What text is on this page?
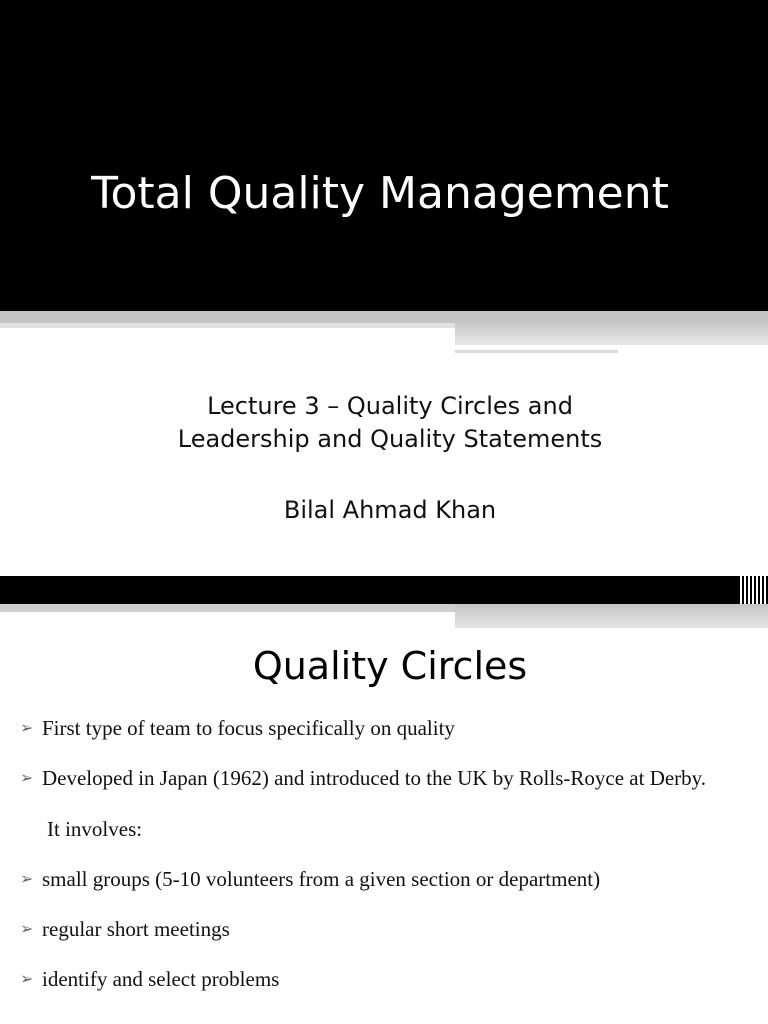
Total Quality Management
Lecture 3 – Quality Circles and
Leadership and Quality Statements
Bilal Ahmad Khan
Quality Circles
➢ First type of team to focus specifically on quality
➢ Developed in Japan (1962) and introduced to the UK by Rolls-Royce at Derby.
It involves:
➢ small groups (5-10 volunteers from a given section or department)
➢ regular short meetings
➢ identify and select problems
